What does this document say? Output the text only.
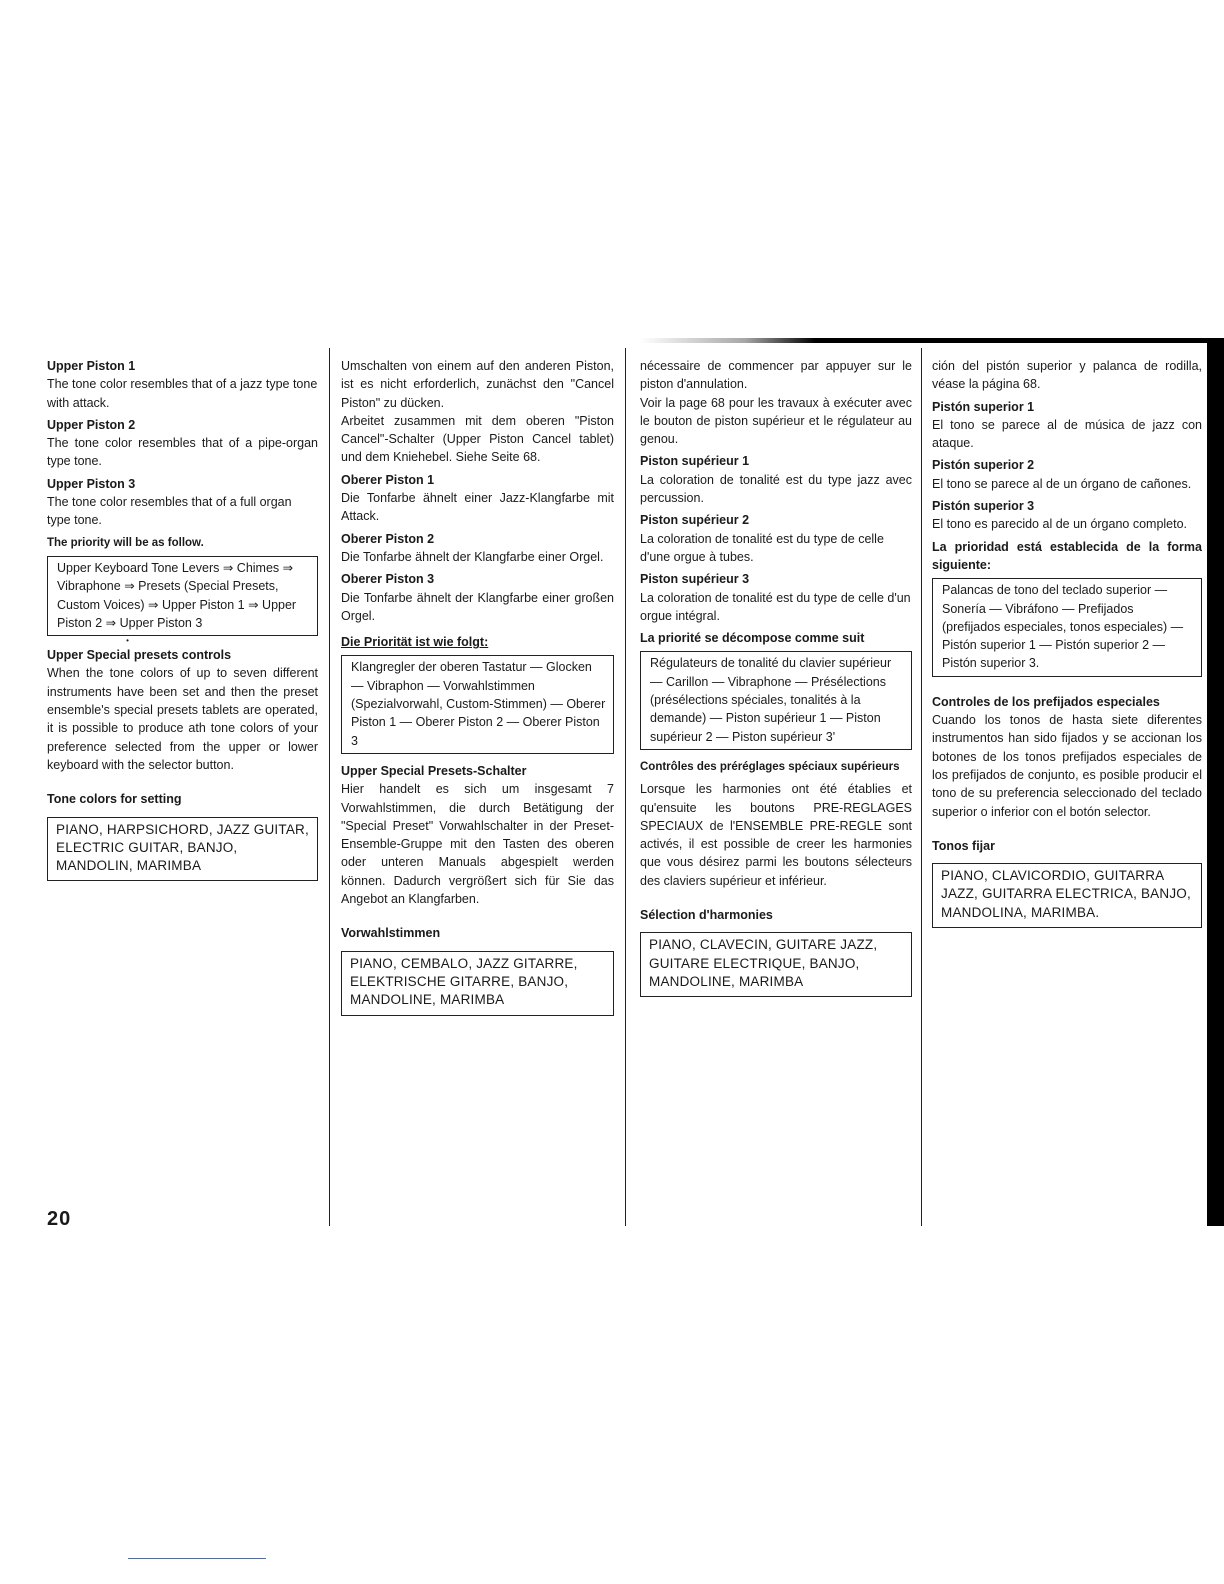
Upper Piston 1

The tone color resembles that of a jazz type tone with attack.

Upper Piston 2

The tone color resembles that of a pipe-organ type tone.

Upper Piston 3

The tone color resembles that of a full organ type tone.

The priority will be as follow.
Upper Keyboard Tone Levers ⇒ Chimes ⇒ Vibraphone ⇒ Presets (Special Presets, Custom Voices) ⇒ Upper Piston 1 ⇒ Upper Piston 2 ⇒ Upper Piston 3
•
Upper Special presets controls

When the tone colors of up to seven different instruments have been set and then the preset ensemble's special presets tablets are operated, it is possible to produce ath tone colors of your preference selected from the upper or lower keyboard with the selector button.

Tone colors for setting
PIANO, HARPSICHORD, JAZZ GUITAR, ELECTRIC GUITAR, BANJO, MANDOLIN, MARIMBA

Umschalten von einem auf den anderen Piston, ist es nicht erforderlich, zunächst den "Cancel Piston" zu dücken.

Arbeitet zusammen mit dem oberen "Piston Cancel"-Schalter (Upper Piston Cancel tablet) und dem Kniehebel. Siehe Seite 68.

Oberer Piston 1

Die Tonfarbe ähnelt einer Jazz-Klangfarbe mit Attack.

Oberer Piston 2

Die Tonfarbe ähnelt der Klangfarbe einer Orgel.

Oberer Piston 3

Die Tonfarbe ähnelt der Klangfarbe einer großen Orgel.

Die Priorität ist wie folgt:
Klangregler der oberen Tastatur — Glocken — Vibraphon — Vorwahlstimmen (Spezialvorwahl, Custom-Stimmen) — Oberer Piston 1 — Oberer Piston 2 — Oberer Piston 3
Upper Special Presets-Schalter

Hier handelt es sich um insgesamt 7 Vorwahlstimmen, die durch Betätigung der "Special Preset" Vorwahlschalter in der Preset-Ensemble-Gruppe mit den Tasten des oberen oder unteren Manuals abgespielt werden können. Dadurch vergrößert sich für Sie das Angebot an Klangfarben.

Vorwahlstimmen
PIANO, CEMBALO, JAZZ GITARRE, ELEKTRISCHE GITARRE, BANJO, MANDOLINE, MARIMBA

nécessaire de commencer par appuyer sur le piston d'annulation.

Voir la page 68 pour les travaux à exécuter avec le bouton de piston supérieur et le régulateur au genou.

Piston supérieur 1

La coloration de tonalité est du type jazz avec percussion.

Piston supérieur 2

La coloration de tonalité est du type de celle d'une orgue à tubes.

Piston supérieur 3

La coloration de tonalité est du type de celle d'un orgue intégral.

La priorité se décompose comme suit
Régulateurs de tonalité du clavier supérieur — Carillon — Vibraphone — Présélections (présélections spéciales, tonalités à la demande) — Piston supérieur 1 — Piston supérieur 2 — Piston supérieur 3'
Contrôles des préréglages spéciaux supérieurs

Lorsque les harmonies ont été établies et qu'ensuite les boutons PRE-REGLAGES SPECIAUX de l'ENSEMBLE PRE-REGLE sont activés, il est possible de creer les harmonies que vous désirez parmi les boutons sélecteurs des claviers supérieur et inférieur.

Sélection d'harmonies
PIANO, CLAVECIN, GUITARE JAZZ, GUITARE ELECTRIQUE, BANJO, MANDOLINE, MARIMBA

ción del pistón superior y palanca de rodilla, véase la página 68.

Pistón superior 1

El tono se parece al de música de jazz con ataque.

Pistón superior 2

El tono se parece al de un órgano de cañones.

Pistón superior 3

El tono es parecido al de un órgano completo.

La prioridad está establecida de la forma siguiente:
Palancas de tono del teclado superior — Sonería — Vibráfono — Prefijados (prefijados especiales, tonos especiales) — Pistón superior 1 — Pistón superior 2 — Pistón superior 3.
Controles de los prefijados especiales

Cuando los tonos de hasta siete diferentes instrumentos han sido fijados y se accionan los botones de los tonos prefijados especiales de los prefijados de conjunto, es posible producir el tono de su preferencia seleccionado del teclado superior o inferior con el botón selector.

Tonos fijar
PIANO, CLAVICORDIO, GUITARRA JAZZ, GUITARRA ELECTRICA, BANJO, MANDOLINA, MARIMBA.
20
